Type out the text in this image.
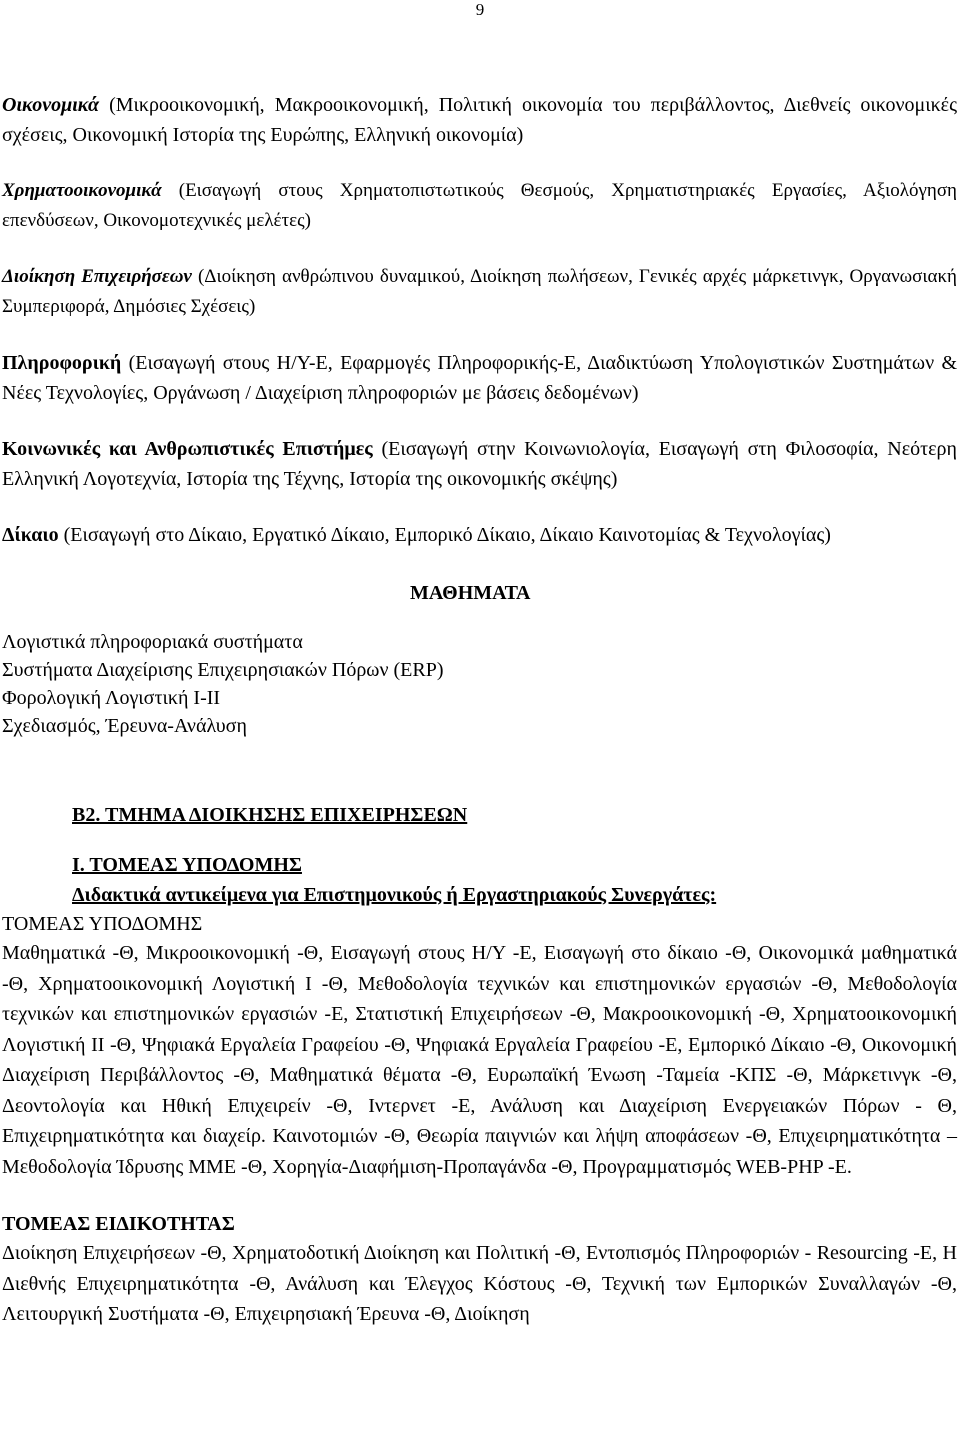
9

Οικονομικά (Μικροοικονομική, Μακροοικονομική, Πολιτική οικονομία του περιβάλλοντος, Διεθνείς οικονομικές σχέσεις, Οικονομική Ιστορία της Ευρώπης, Ελληνική οικονομία)

Χρηματοοικονομικά (Εισαγωγή στους Χρηματοπιστωτικούς Θεσμούς, Χρηματιστηριακές Εργασίες, Αξιολόγηση επενδύσεων, Οικονομοτεχνικές μελέτες)

Διοίκηση Επιχειρήσεων (Διοίκηση ανθρώπινου δυναμικού, Διοίκηση πωλήσεων, Γενικές αρχές μάρκετινγκ, Οργανωσιακή Συμπεριφορά, Δημόσιες Σχέσεις)

Πληροφορική (Εισαγωγή στους Η/Υ-Ε, Εφαρμογές Πληροφορικής-Ε, Διαδικτύωση Υπολογιστικών Συστημάτων & Νέες Τεχνολογίες, Οργάνωση / Διαχείριση πληροφοριών με βάσεις δεδομένων)

Κοινωνικές και Ανθρωπιστικές Επιστήμες (Εισαγωγή στην Κοινωνιολογία, Εισαγωγή στη Φιλοσοφία, Νεότερη Ελληνική Λογοτεχνία, Ιστορία της Τέχνης, Ιστορία της οικονομικής σκέψης)

Δίκαιο (Εισαγωγή στο Δίκαιο, Εργατικό Δίκαιο, Εμπορικό Δίκαιο, Δίκαιο Καινοτομίας & Τεχνολογίας)

ΜΑΘΗΜΑΤΑ

Λογιστικά πληροφοριακά συστήματα

Συστήματα Διαχείρισης Επιχειρησιακών Πόρων (ERP)

Φορολογική Λογιστική Ι-ΙΙ

Σχεδιασμός, Έρευνα-Ανάλυση

Β2. ΤΜΗΜΑ ΔΙΟΙΚΗΣΗΣ ΕΠΙΧΕΙΡΗΣΕΩΝ

Ι. ΤΟΜΕΑΣ ΥΠΟΔΟΜΗΣ

Διδακτικά αντικείμενα για Επιστημονικούς ή Εργαστηριακούς Συνεργάτες:

ΤΟΜΕΑΣ ΥΠΟΔΟΜΗΣ

Μαθηματικά -Θ, Μικροοικονομική -Θ, Εισαγωγή στους Η/Υ -Ε, Εισαγωγή στο δίκαιο -Θ, Οικονομικά μαθηματικά -Θ, Χρηματοοικονομική Λογιστική Ι -Θ, Μεθοδολογία τεχνικών και επιστημονικών εργασιών -Θ, Μεθοδολογία τεχνικών και επιστημονικών εργασιών -Ε, Στατιστική Επιχειρήσεων -Θ, Μακροοικονομική -Θ, Χρηματοοικονομική Λογιστική ΙΙ -Θ, Ψηφιακά Εργαλεία Γραφείου -Θ, Ψηφιακά Εργαλεία Γραφείου -Ε, Εμπορικό Δίκαιο -Θ, Οικονομική Διαχείριση Περιβάλλοντος -Θ, Μαθηματικά θέματα -Θ, Ευρωπαϊκή Ένωση -Ταμεία -ΚΠΣ -Θ, Μάρκετινγκ -Θ, Δεοντολογία και Ηθική Επιχειρείν -Θ, Ιντερνετ -Ε, Ανάλυση και Διαχείριση Ενεργειακών Πόρων - Θ, Επιχειρηματικότητα και διαχείρ. Καινοτομιών -Θ, Θεωρία παιγνιών και λήψη αποφάσεων -Θ, Επιχειρηματικότητα – Μεθοδολογία Ίδρυσης ΜΜΕ -Θ, Χορηγία-Διαφήμιση-Προπαγάνδα -Θ, Προγραμματισμός WEB-PHP -Ε.

ΤΟΜΕΑΣ ΕΙΔΙΚΟΤΗΤΑΣ

Διοίκηση Επιχειρήσεων -Θ, Χρηματοδοτική Διοίκηση και Πολιτική -Θ, Εντοπισμός Πληροφοριών - Resourcing -Ε, Η Διεθνής Επιχειρηματικότητα -Θ, Ανάλυση και Έλεγχος Κόστους -Θ, Τεχνική των Εμπορικών Συναλλαγών -Θ, Λειτουργική Συστήματα -Θ, Επιχειρησιακή Έρευνα -Θ, Διοίκηση
